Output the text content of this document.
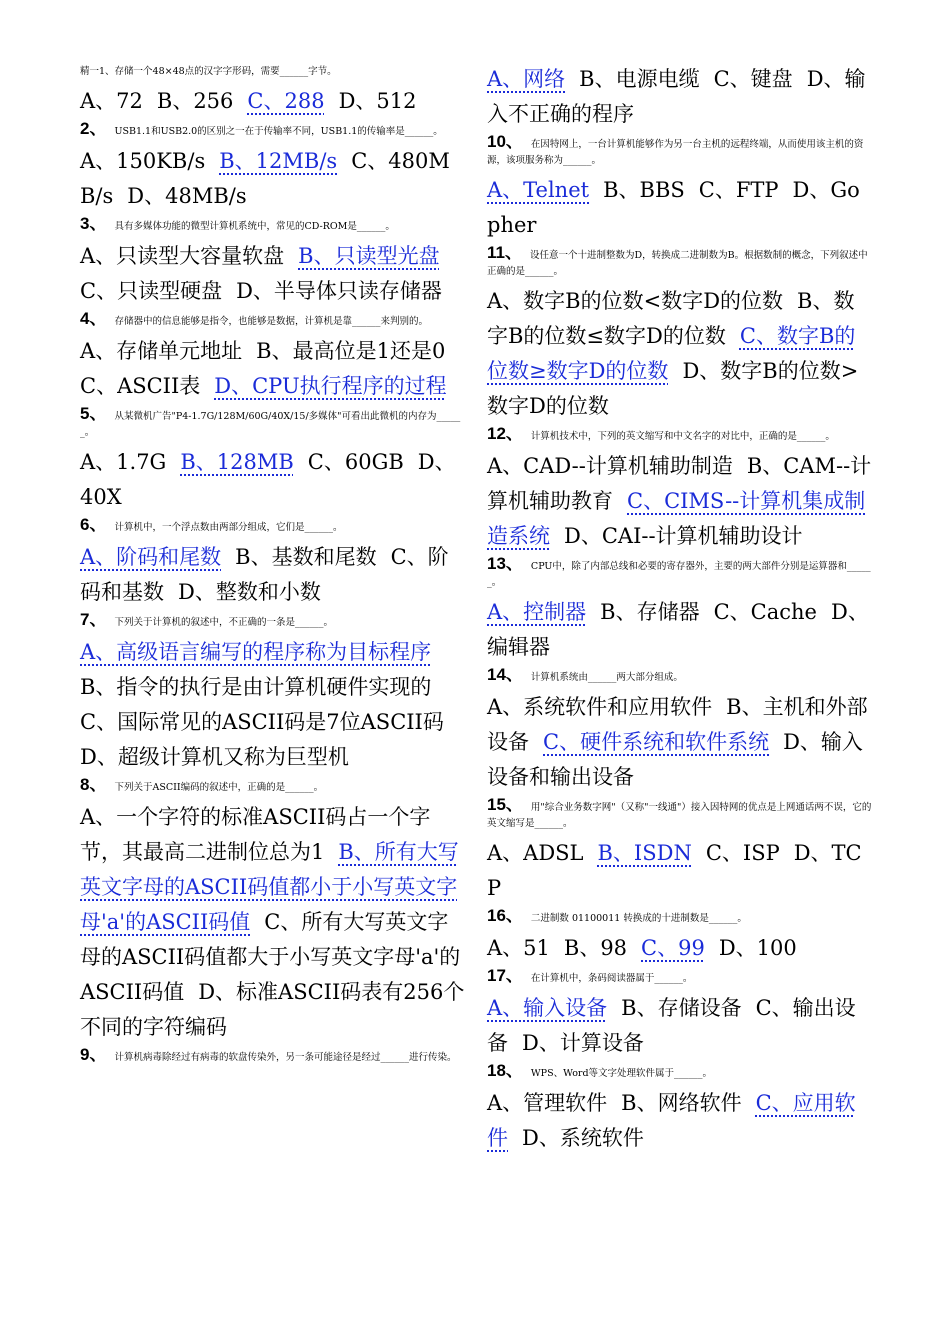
精一1、存储一个48×48点的汉字字形码，需要______字节。
A、72 B、256 C、288 D、512
2、 USB1.1和USB2.0的区别之一在于传输率不同，USB1.1的传输率是______。
A、150KB/s B、12MB/s C、480MB/s D、48MB/s
3、 具有多媒体功能的微型计算机系统中，常见的CD-ROM是______。
A、只读型大容量软盘 B、只读型光盘C、只读型硬盘 D、半导体只读存储器
4、 存储器中的信息能够是指令，也能够是数据，计算机是靠______来判别的。
A、存储单元地址 B、最高位是1还是0C、ASCII表 D、CPU执行程序的过程
5、 从某微机广告"P4-1.7G/128M/60G/40X/15/多媒体"可看出此微机的内存为______。
A、1.7G B、128MB C、60GB D、40X
6、 计算机中，一个浮点数由两部分组成，它们是______。
A、阶码和尾数 B、基数和尾数 C、阶码和基数 D、整数和小数
7、 下列关于计算机的叙述中，不正确的一条是______。
A、高级语言编写的程序称为目标程序B、指令的执行是由计算机硬件实现的C、国际常见的ASCII码是7位ASCII码D、超级计算机又称为巨型机
8、 下列关于ASCII编码的叙述中，正确的是______。
A、一个字符的标准ASCII码占一个字节，其最高二进制位总为1 B、所有大写英文字母的ASCII码值都小于小写英文字母'a'的ASCII码值 C、所有大写英文字母的ASCII码值都大于小写英文字母'a'的ASCII码值 D、标准ASCII码表有256个不同的字符编码
9、 计算机病毒除经过有病毒的软盘传染外，另一条可能途径是经过______进行传染。
A、网络 B、电源电缆 C、键盘 D、输入不正确的程序
10、 在因特网上，一台计算机能够作为另一台主机的远程终端，从而使用该主机的资源，该项服务称为______。
A、Telnet B、BBS C、FTP D、Gopher
11、 设任意一个十进制整数为D，转换成二进制数为B。根据数制的概念，下列叙述中正确的是______。
A、数字B的位数<数字D的位数 B、数字B的位数≤数字D的位数 C、数字B的位数≥数字D的位数 D、数字B的位数>数字D的位数
12、 计算机技术中，下列的英文缩写和中文名字的对比中，正确的是______。
A、CAD--计算机辅助制造 B、CAM--计算机辅助教育 C、CIMS--计算机集成制造系统 D、CAI--计算机辅助设计
13、 CPU中，除了内部总线和必要的寄存器外，主要的两大部件分别是运算器和______。
A、控制器 B、存储器 C、Cache D、编辑器
14、 计算机系统由______两大部分组成。
A、系统软件和应用软件 B、主机和外部设备 C、硬件系统和软件系统 D、输入设备和输出设备
15、 用"综合业务数字网"（又称"一线通"）接入因特网的优点是上网通话两不误，它的英文缩写是______。
A、ADSL B、ISDN C、ISP D、TCP
16、 二进制数 01100011 转换成的十进制数是______。
A、51 B、98 C、99 D、100
17、 在计算机中，条码阅读器属于______。
A、输入设备 B、存储设备 C、输出设备 D、计算设备
18、 WPS、Word等文字处理软件属于______。
A、管理软件 B、网络软件 C、应用软件 D、系统软件
